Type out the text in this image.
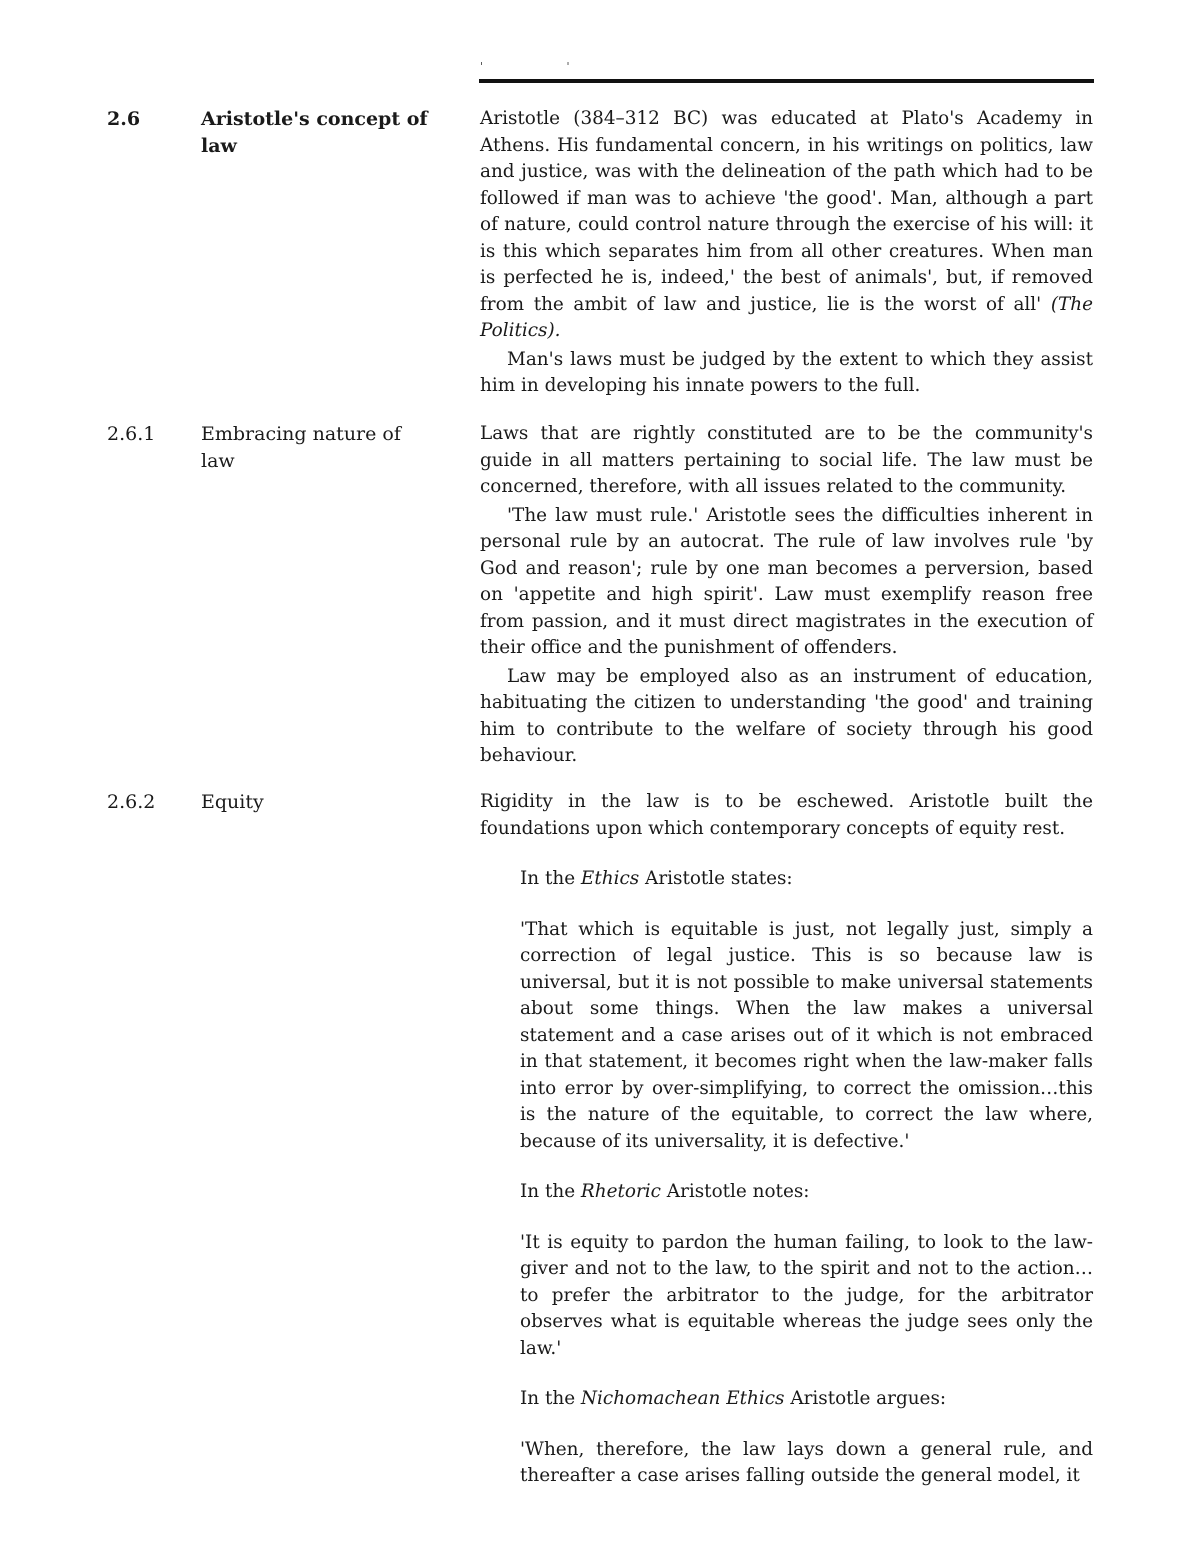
' '
2.6	Aristotle's concept of law

Aristotle (384–312 BC) was educated at Plato's Academy in Athens. His fundamental concern, in his writings on politics, law and justice, was with the delineation of the path which had to be followed if man was to achieve 'the good'. Man, although a part of nature, could control nature through the exercise of his will: it is this which separates him from all other creatures. When man is perfected he is, indeed,' the best of animals', but, if removed from the ambit of law and justice, lie is the worst of all' (The Politics).

Man's laws must be judged by the extent to which they assist him in developing his innate powers to the full.

2.6.1 Embracing nature of law

Laws that are rightly constituted are to be the community's guide in all matters pertaining to social life. The law must be concerned, therefore, with all issues related to the community.

'The law must rule.' Aristotle sees the difficulties inherent in personal rule by an autocrat. The rule of law involves rule 'by God and reason'; rule by one man becomes a perversion, based on 'appetite and high spirit'. Law must exemplify reason free from passion, and it must direct magistrates in the execution of their office and the punishment of offenders.

Law may be employed also as an instrument of education, habituating the citizen to understanding 'the good' and training him to contribute to the welfare of society through his good behaviour.

2.6.2 Equity	Rigidity in the law is to be eschewed. Aristotle built the foundations upon which contemporary concepts of equity rest.

In the Ethics Aristotle states:

'That which is equitable is just, not legally just, simply a correction of legal justice. This is so because law is universal, but it is not possible to make universal statements about some things. When the law makes a universal statement and a case arises out of it which is not embraced in that statement, it becomes right when the law-maker falls into error by over-simplifying, to correct the omission…this is the nature of the equitable, to correct the law where, because of its universality, it is defective.'

In the Rhetoric Aristotle notes:

'It is equity to pardon the human failing, to look to the law-giver and not to the law, to the spirit and not to the action…to prefer the arbitrator to the judge, for the arbitrator observes what is equitable whereas the judge sees only the law.'

In the Nichomachean Ethics Aristotle argues:

'When, therefore, the law lays down a general rule, and thereafter a case arises falling outside the general model, it
